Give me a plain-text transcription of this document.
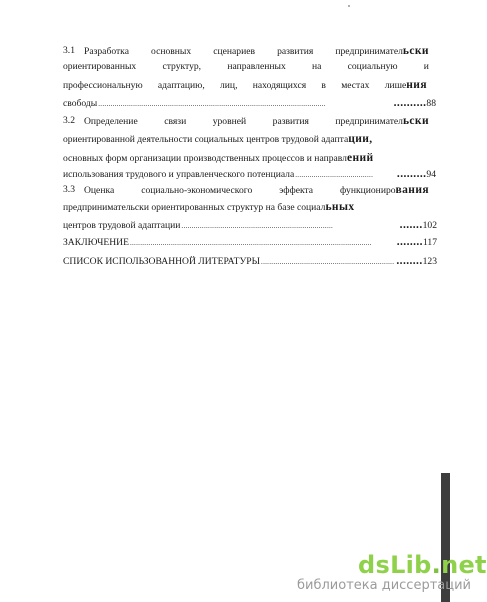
3.1 Разработка основных сценариев развития предпринимательски
ориентированных	структур,	направленных	на	социальную	и
профессиональную адаптацию, лиц, находящихся в местах лишения
свободы ...............................................................................................................	.......... 88
3.2 Определение	связи	уровней	развития	предпринимательски
ориентированной деятельности социальных центров трудовой адаптации,
основных форм организации производственных процессов и направлений
использования трудового и управленческого потенциала ......................................	......... 94
3.3 Оценка	социально-экономического	эффекта	функционирования
предпринимательски ориентированных структур на базе социальных
центров трудовой адаптации ..........................................................................	....... 102
ЗАКЛЮЧЕНИЕ ......................................................................................................................	........ 117
СПИСОК ИСПОЛЬЗОВАННОЙ ЛИТЕРАТУРЫ ................................................................. ........ 123
dsLib.net
библиотека диссертаций
